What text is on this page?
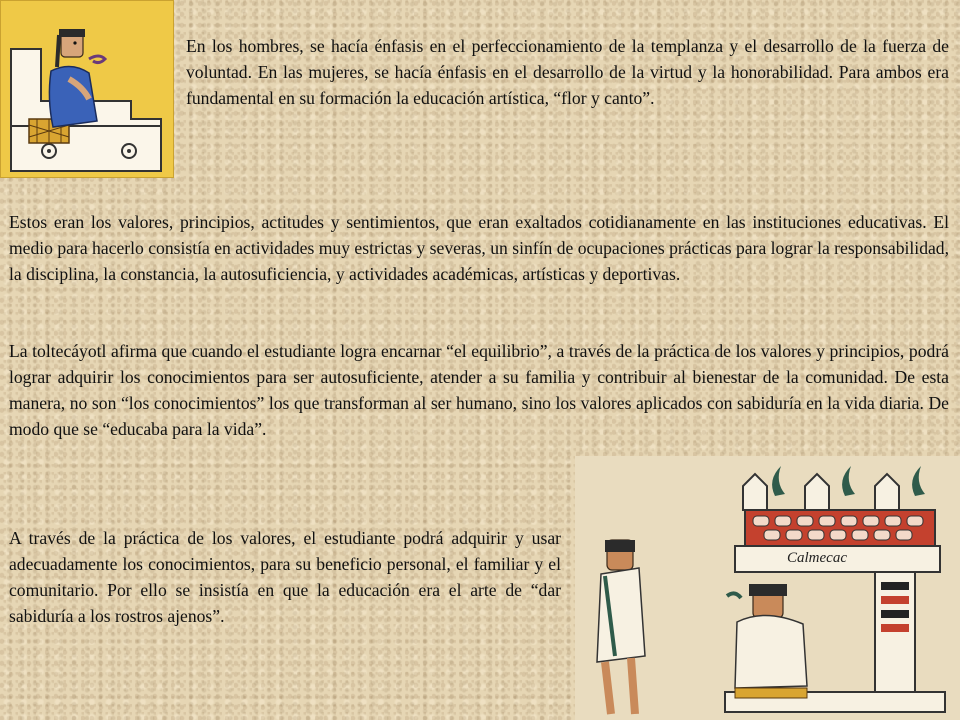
En los hombres, se hacía énfasis en el perfeccionamiento de la templanza y el desarrollo de la fuerza de voluntad. En las mujeres, se hacía énfasis en el desarrollo de la virtud y la honorabilidad. Para ambos era fundamental en su formación la educación artística, “flor y canto”.

Estos eran los valores, principios, actitudes y sentimientos, que eran exaltados cotidianamente en las instituciones educativas. El medio para hacerlo consistía en actividades muy estrictas y severas, un sinfín de ocupaciones prácticas para lograr la responsabilidad, la disciplina, la constancia, la autosuficiencia, y actividades académicas, artísticas y deportivas.

La toltecáyotl afirma que cuando el estudiante logra encarnar “el equilibrio”, a través de la práctica de los valores y principios, podrá lograr adquirir los conocimientos para ser autosuficiente, atender a su familia y contribuir al bienestar de la comunidad. De esta manera, no son “los conocimientos” los que transforman al ser humano, sino los valores aplicados con sabiduría en la vida diaria. De modo que se “educaba para la vida”.

A través de la práctica de los valores, el estudiante podrá adquirir y usar adecuadamente los conocimientos, para su beneficio personal, el familiar y el comunitario. Por ello se insistía en que la educación era el arte de “dar sabiduría a los rostros ajenos”.

Calmecac
